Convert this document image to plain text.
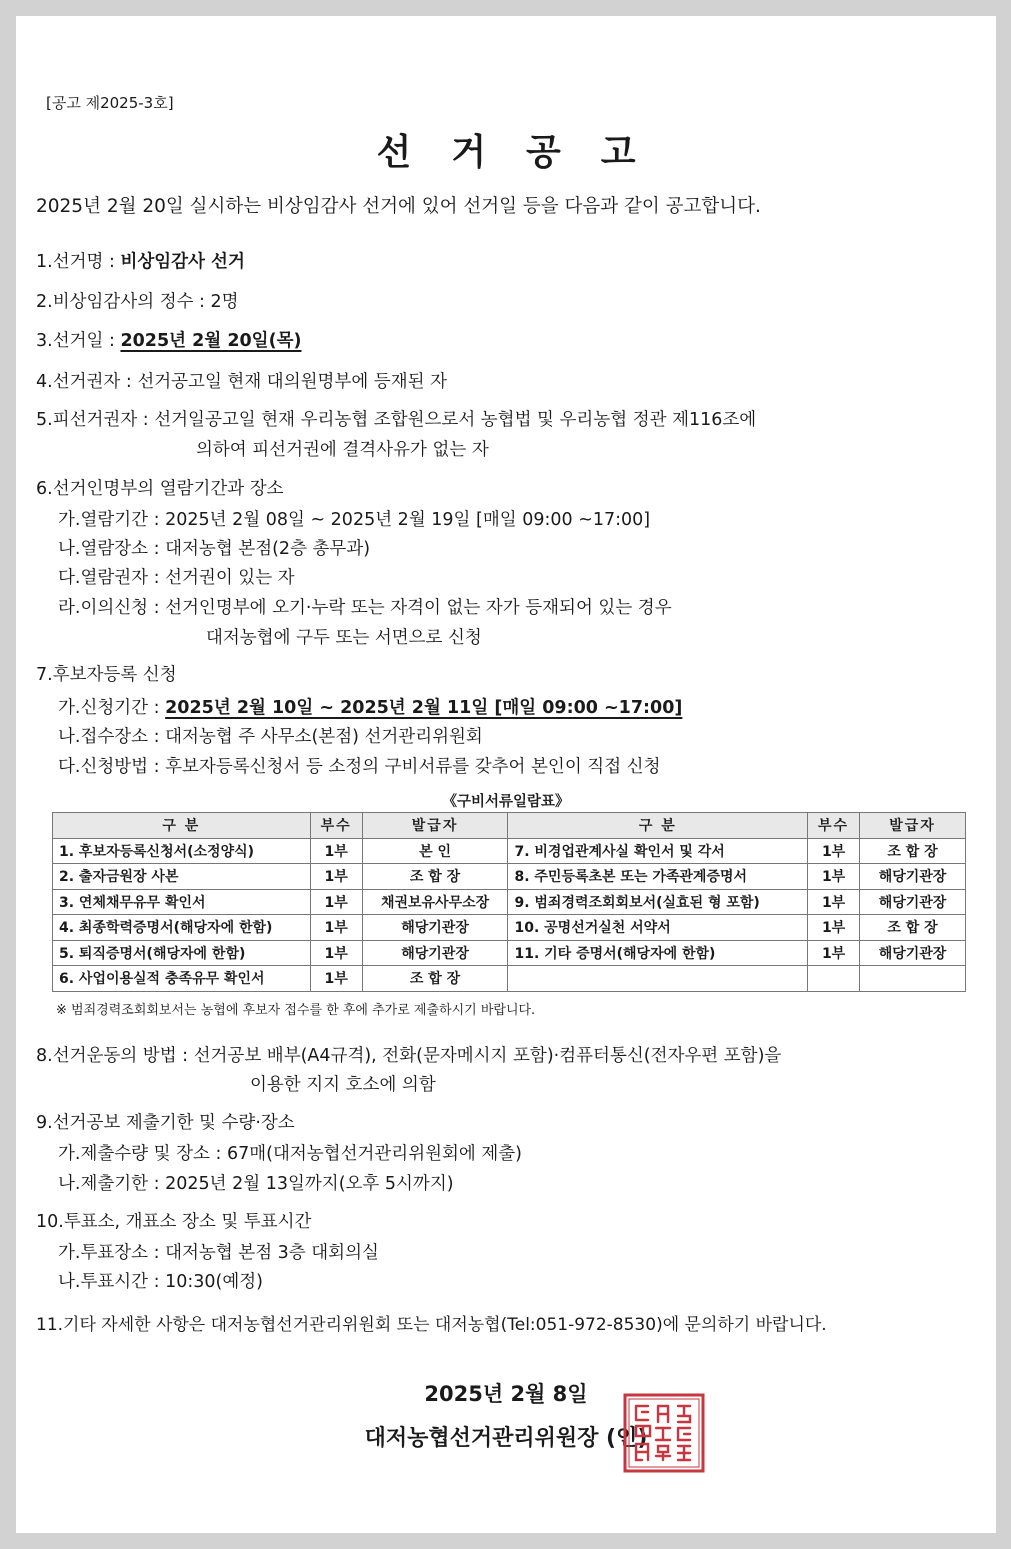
[공고 제2025-3호]
선거공고
2025년 2월 20일 실시하는 비상임감사 선거에 있어 선거일 등을 다음과 같이 공고합니다.
1.선거명 : 비상임감사 선거
2.비상임감사의 정수 : 2명
3.선거일 : 2025년 2월 20일(목)
4.선거권자 : 선거공고일 현재 대의원명부에 등재된 자
5.피선거권자 : 선거일공고일 현재 우리농협 조합원으로서 농협법 및 우리농협 정관 제116조에
의하여 피선거권에 결격사유가 없는 자
6.선거인명부의 열람기간과 장소
가.열람기간 : 2025년 2월 08일 ~ 2025년 2월 19일 [매일 09:00 ~17:00]
나.열람장소 : 대저농협 본점(2층 총무과)
다.열람권자 : 선거권이 있는 자
라.이의신청 : 선거인명부에 오기·누락 또는 자격이 없는 자가 등재되어 있는 경우
대저농협에 구두 또는 서면으로 신청
7.후보자등록 신청
가.신청기간 : 2025년 2월 10일 ~ 2025년 2월 11일 [매일 09:00 ~17:00]
나.접수장소 : 대저농협 주 사무소(본점) 선거관리위원회
다.신청방법 : 후보자등록신청서 등 소정의 구비서류를 갖추어 본인이 직접 신청
《구비서류일람표》
구 분	부수	발급자	구 분	부수	발급자
1. 후보자등록신청서(소정양식)	1부	본 인	7. 비경업관계사실 확인서 및 각서	1부	조 합 장
2. 출자금원장 사본	1부	조 합 장	8. 주민등록초본 또는 가족관계증명서	1부	해당기관장
3. 연체채무유무 확인서	1부	채권보유사무소장	9. 범죄경력조회회보서(실효된 형 포함)	1부	해당기관장
4. 최종학력증명서(해당자에 한함)	1부	해당기관장	10. 공명선거실천 서약서	1부	조 합 장
5. 퇴직증명서(해당자에 한함)	1부	해당기관장	11. 기타 증명서(해당자에 한함)	1부	해당기관장
6. 사업이용실적 충족유무 확인서	1부	조 합 장			
※ 범죄경력조회회보서는 농협에 후보자 접수를 한 후에 추가로 제출하시기 바랍니다.
8.선거운동의 방법 : 선거공보 배부(A4규격), 전화(문자메시지 포함)·컴퓨터통신(전자우편 포함)을
이용한 지지 호소에 의함
9.선거공보 제출기한 및 수량·장소
가.제출수량 및 장소 : 67매(대저농협선거관리위원회에 제출)
나.제출기한 : 2025년 2월 13일까지(오후 5시까지)
10.투표소, 개표소 장소 및 투표시간
가.투표장소 : 대저농협 본점 3층 대회의실
나.투표시간 : 10:30(예정)
11.기타 자세한 사항은 대저농협선거관리위원회 또는 대저농협(Tel:051-972-8530)에 문의하기 바랍니다.
2025년 2월 8일
대저농협선거관리위원장 (인)
